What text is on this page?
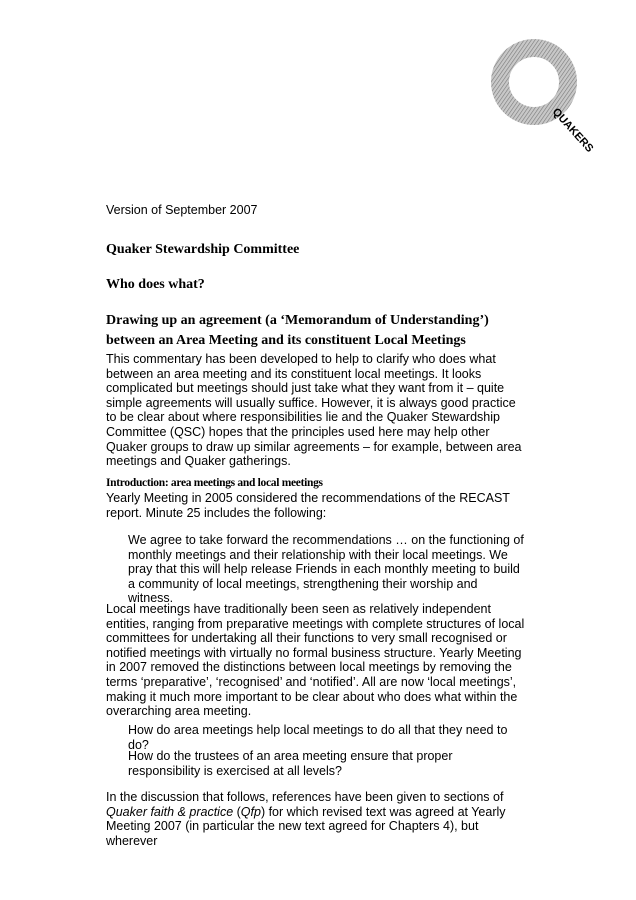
QUAKERS

Version of September 2007

Quaker Stewardship Committee

Who does what?

Drawing up an agreement (a ‘Memorandum of Understanding’)

between an Area Meeting and its constituent Local Meetings

This commentary has been developed to help to clarify who does what between an area meeting and its constituent local meetings. It looks complicated but meetings should just take what they want from it – quite simple agreements will usually suffice. However, it is always good practice to be clear about where responsibilities lie and the Quaker Stewardship Committee (QSC) hopes that the principles used here may help other Quaker groups to draw up similar agreements – for example, between area meetings and Quaker gatherings.

Introduction: area meetings and local meetings

Yearly Meeting in 2005 considered the recommendations of the RECAST report. Minute 25 includes the following:

We agree to take forward the recommendations … on the functioning of monthly meetings and their relationship with their local meetings. We pray that this will help release Friends in each monthly meeting to build a community of local meetings, strengthening their worship and witness.

Local meetings have traditionally been seen as relatively independent entities, ranging from preparative meetings with complete structures of local committees for undertaking all their functions to very small recognised or notified meetings with virtually no formal business structure. Yearly Meeting in 2007 removed the distinctions between local meetings by removing the terms ‘preparative’, ‘recognised’ and ‘notified’. All are now ‘local meetings’, making it much more important to be clear about who does what within the overarching area meeting.

How do area meetings help local meetings to do all that they need to do?

How do the trustees of an area meeting ensure that proper responsibility is exercised at all levels?

In the discussion that follows, references have been given to sections of Quaker faith & practice (Qfp) for which revised text was agreed at Yearly Meeting 2007 (in particular the new text agreed for Chapters 4), but wherever
